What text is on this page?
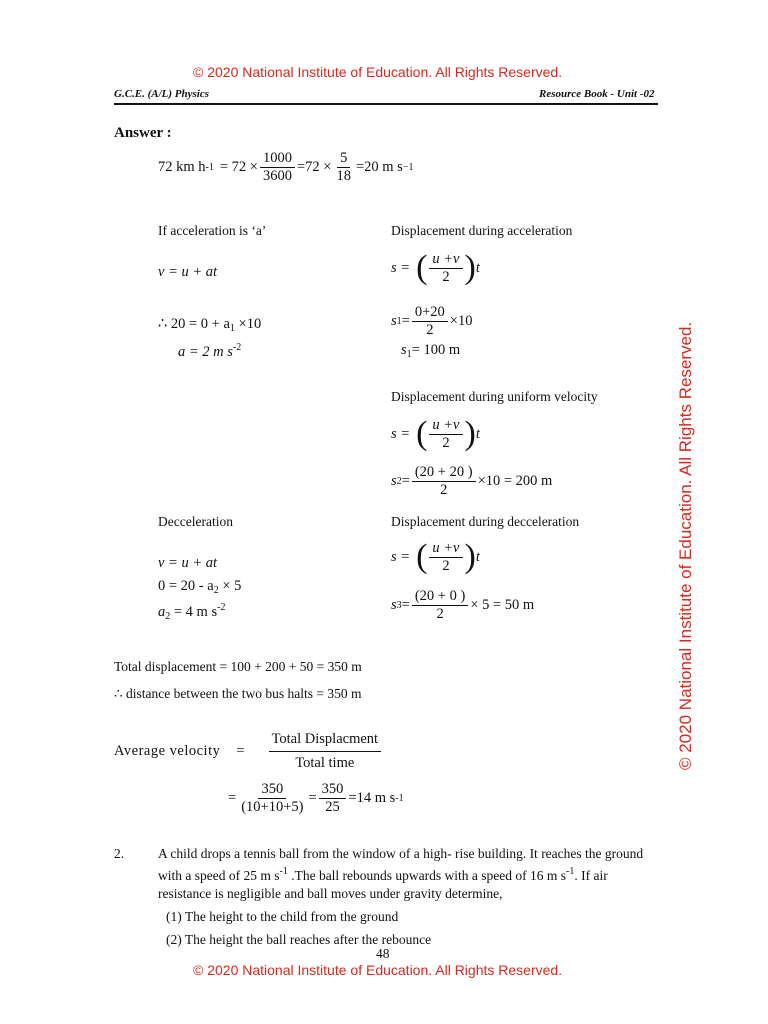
© 2020 National Institute of Education. All Rights Reserved.
G.C.E. (A/L) Physics	Resource Book - Unit -02
© 2020 National Institute of Education. All Rights Reserved.
Answer :
72 km h $-1 = 72 \times \frac{1000}{3600} =72 \times \frac{5}{18} =20$ m s −1
If acceleration is ‘a’
v = u + at
∴ $20 = 0 + a_1 \times 10$
a = 2 m $s^{-2}$
Decceleration
v = u + at
$0 = 20 - a_2 \times 5$
$a_2 = 4$ m $s^{-2}$
Displacement during acceleration
s = ( $\frac{u +v}{2}$ ) t
s $1 = \frac{0+20}{2} \times 10$
$s_1= 100$ m
Displacement during uniform velocity
s = ( $\frac{u +v}{2}$ ) t
s $2 = \frac{(20 + 20 )}{2} \times 10 = 200$ m
Displacement during decceleration
s = ( $\frac{u +v}{2}$ ) t
s $3 = \frac{(20 + 0 )}{2} \times 5 = 50$ m
Total displacement = 100 + 200 + 50 = 350 m
∴ distance between the two bus halts = 350 m
Average velocity = $\frac{\text{Total Displacment}}{\text{Total time}}$
= $\frac{350}{(10+10+5)} = \frac{350}{25} =14$ m s -1
2.	A child drops a tennis ball from the window of a high- rise building. It reaches the ground
with a speed of 25 m $s^{-1}$ .The ball rebounds upwards with a speed of 16 m $s^{-1}$. If air
resistance is negligible and ball moves under gravity determine,
(1) The height to the child from the ground
(2) The height the ball reaches after the rebounce
48
© 2020 National Institute of Education. All Rights Reserved.
